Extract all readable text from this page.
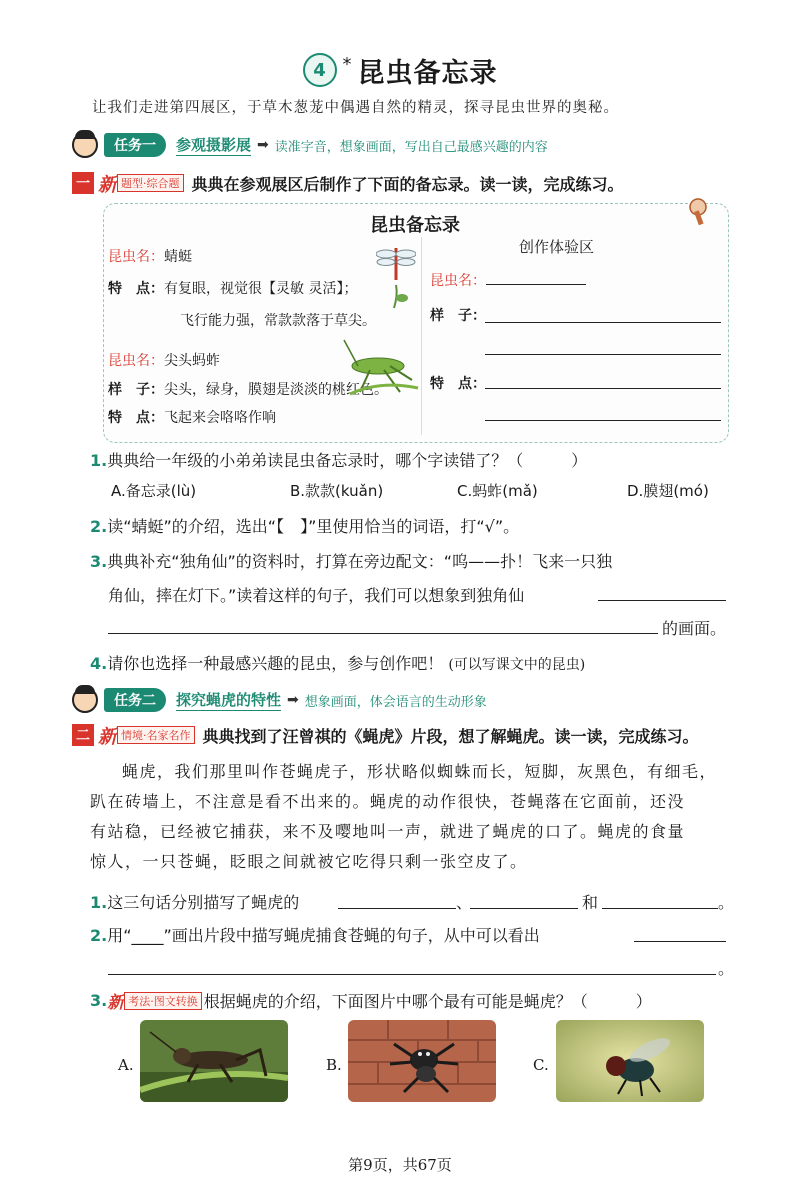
4 * 昆虫备忘录
让我们走进第四展区，于草木葱茏中偶遇自然的精灵，探寻昆虫世界的奥秘。
任务一	参观摄影展 ➡ 读准字音，想象画面，写出自己最感兴趣的内容
一 新 题型·综合题 典典在参观展区后制作了下面的备忘录。读一读，完成练习。
昆虫备忘录
昆虫名：蜻蜓
特　点：有复眼，视觉很【灵敏 灵活】；
飞行能力强，常款款落于草尖。
昆虫名：尖头蚂蚱
样　子：尖头，绿身，膜翅是淡淡的桃红色。
特　点：飞起来会咯咯作响
创作体验区
昆虫名：
样　子：
特　点：
1.典典给一年级的小弟弟读昆虫备忘录时，哪个字读错了？（　　　）
A.备忘录(lù)	B.款款(kuǎn)	C.蚂蚱(mǎ)	D.膜翅(mó)
2.读“蜻蜓”的介绍，选出“【　】”里使用恰当的词语，打“√”。
3.典典补充“独角仙”的资料时，打算在旁边配文：“呜——扑！飞来一只独
角仙，摔在灯下。”读着这样的句子，我们可以想象到独角仙
的画面。
4.请你也选择一种最感兴趣的昆虫，参与创作吧！ (可以写课文中的昆虫)
任务二	探究蝇虎的特性 ➡ 想象画面，体会语言的生动形象
二 新 情境·名家名作 典典找到了汪曾祺的《蝇虎》片段，想了解蝇虎。读一读，完成练习。
蝇虎，我们那里叫作苍蝇虎子，形状略似蜘蛛而长，短脚，灰黑色，有细毛，
趴在砖墙上，不注意是看不出来的。蝇虎的动作很快，苍蝇落在它面前，还没
有站稳，已经被它捕获，来不及嘤地叫一声，就进了蝇虎的口了。蝇虎的食量
惊人，一只苍蝇，眨眼之间就被它吃得只剩一张空皮了。
1.这三句话分别描写了蝇虎的	、	和	。
2.用“____”画出片段中描写蝇虎捕食苍蝇的句子，从中可以看出
。
3. 新 考法·图文转换 根据蝇虎的介绍，下面图片中哪个最有可能是蝇虎？（　　　）
A.	B.	C.
第9页，共67页
